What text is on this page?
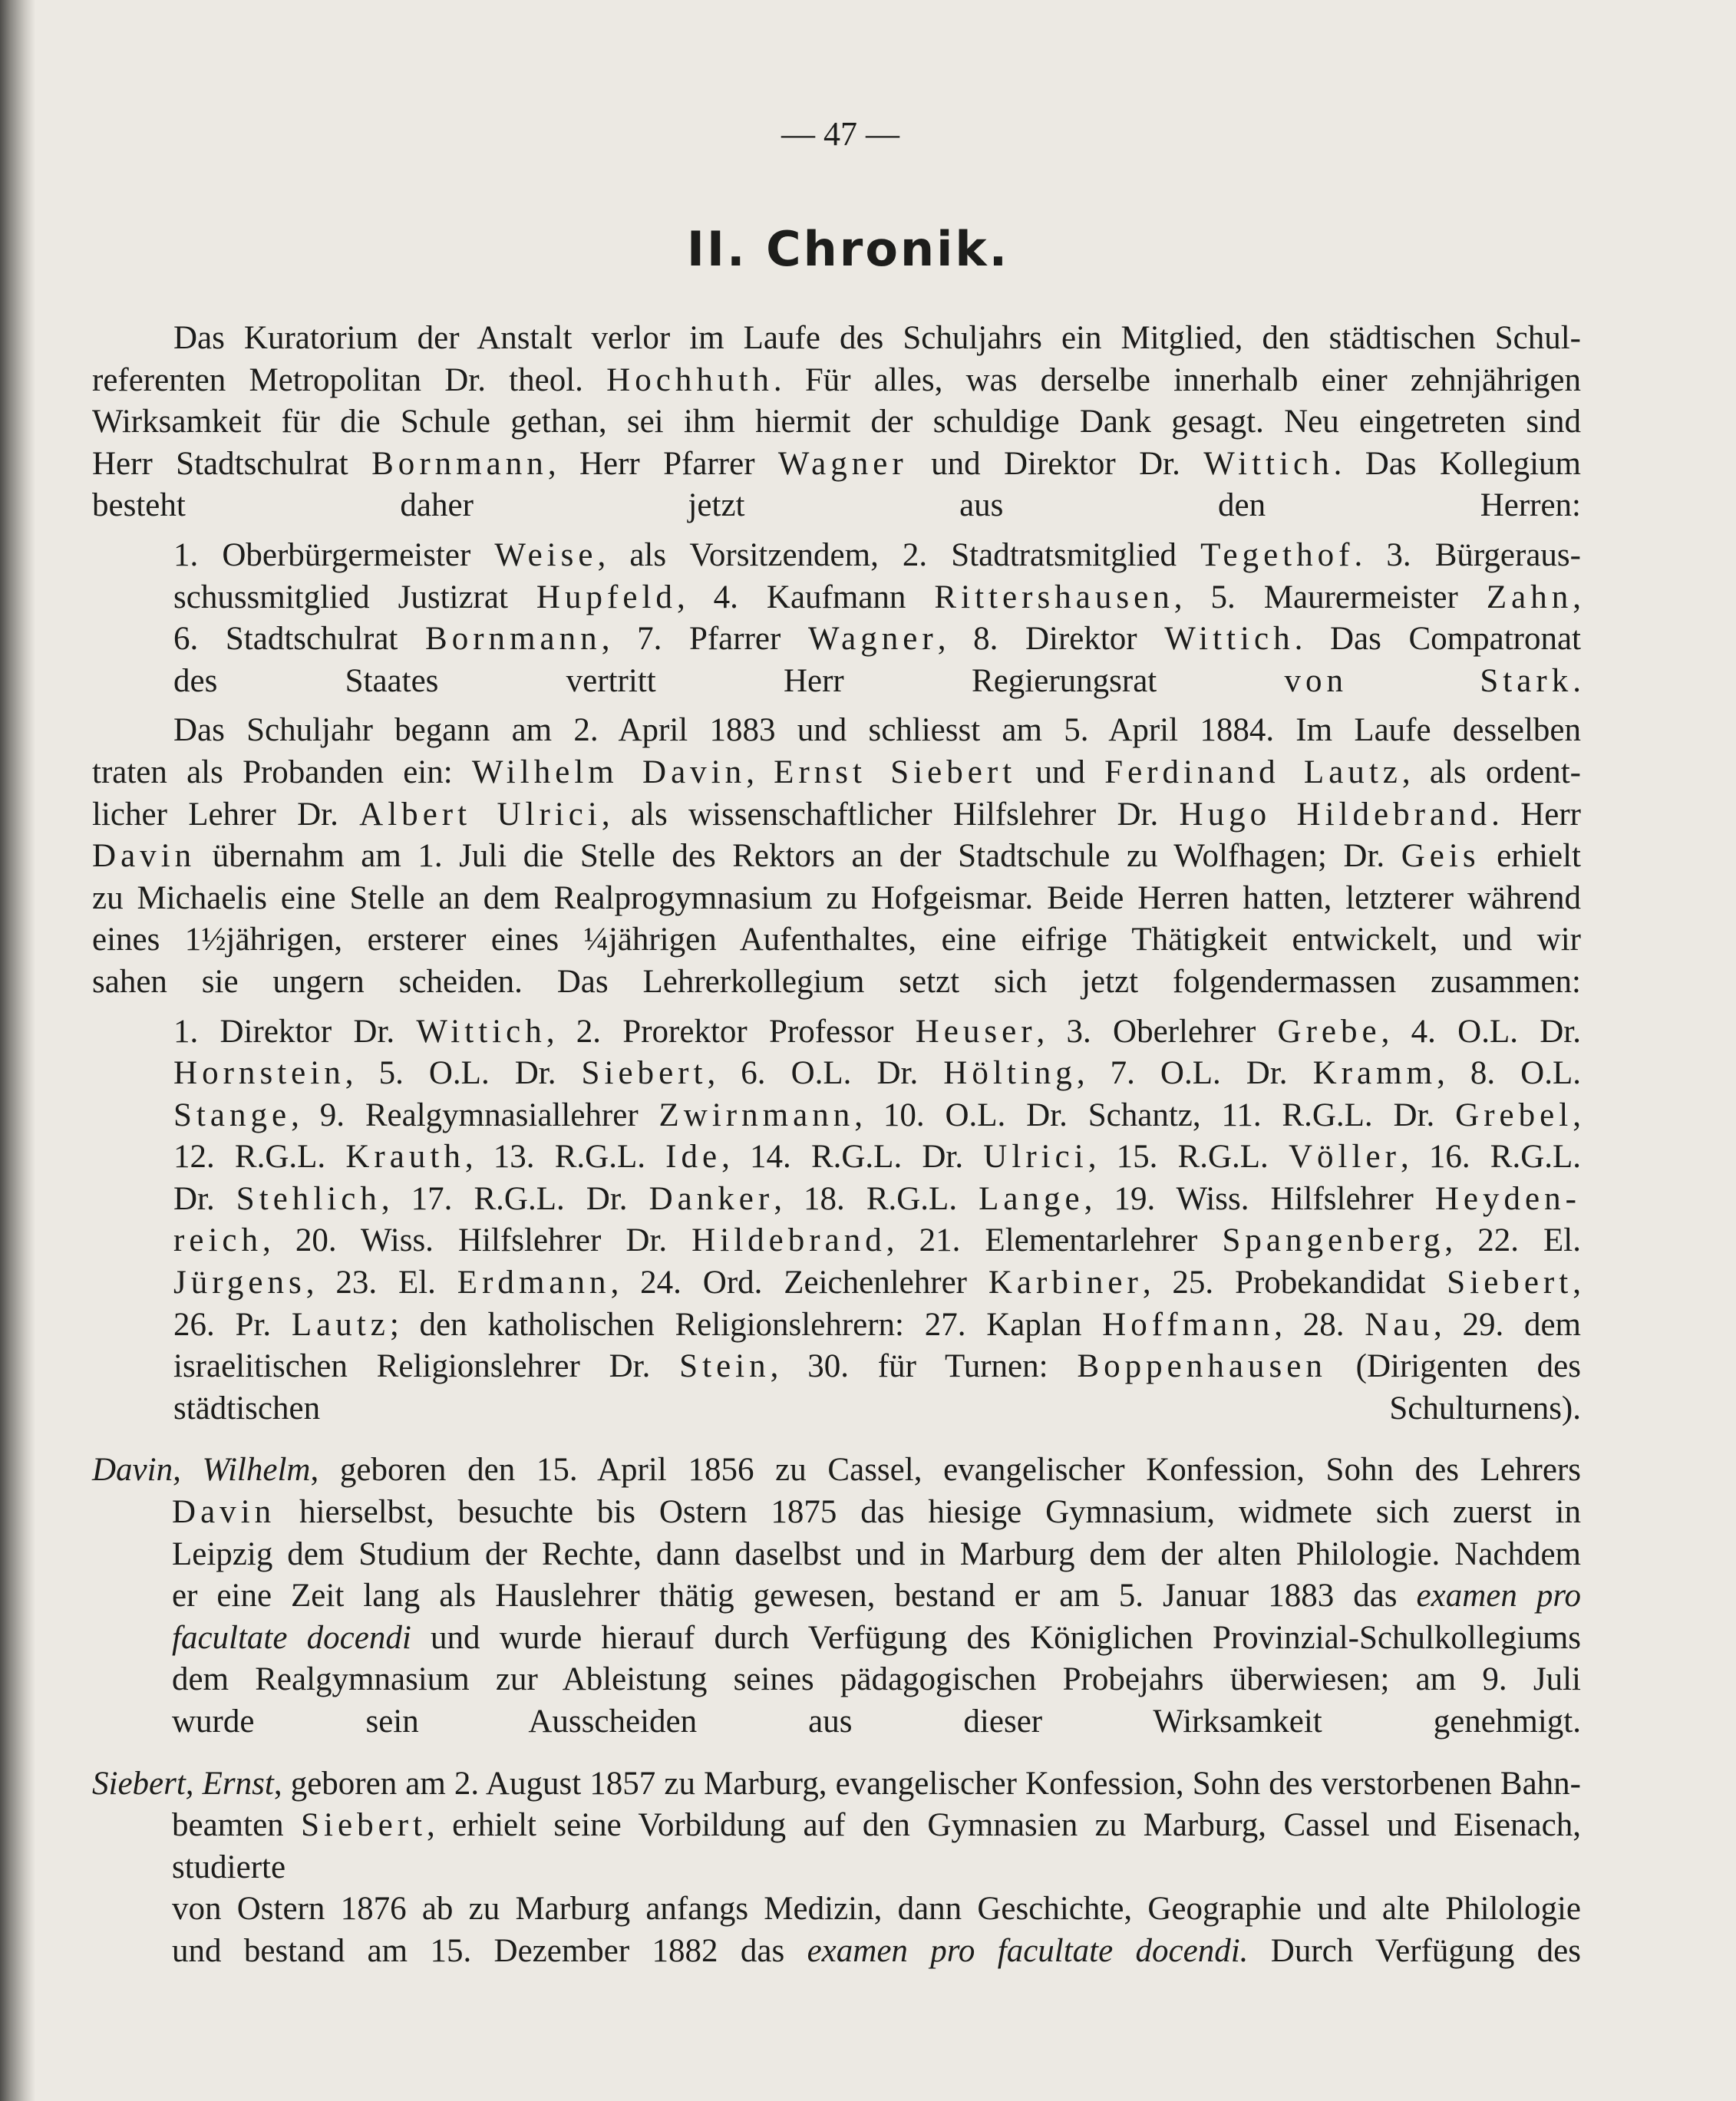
— 47 —
II. Chronik.
Das Kuratorium der Anstalt verlor im Laufe des Schuljahrs ein Mitglied, den städtischen Schul-
referenten Metropolitan Dr. theol. Hochhuth. Für alles, was derselbe innerhalb einer zehnjährigen
Wirksamkeit für die Schule gethan, sei ihm hiermit der schuldige Dank gesagt. Neu eingetreten sind
Herr Stadtschulrat Bornmann, Herr Pfarrer Wagner und Direktor Dr. Wittich. Das Kollegium
besteht daher jetzt aus den Herren:
1. Oberbürgermeister Weise, als Vorsitzendem, 2. Stadtratsmitglied Tegethof. 3. Bürgeraus-
schussmitglied Justizrat Hupfeld, 4. Kaufmann Rittershausen, 5. Maurermeister Zahn,
6. Stadtschulrat Bornmann, 7. Pfarrer Wagner, 8. Direktor Wittich. Das Compatronat
des Staates vertritt Herr Regierungsrat von Stark.
Das Schuljahr begann am 2. April 1883 und schliesst am 5. April 1884. Im Laufe desselben
traten als Probanden ein: Wilhelm Davin, Ernst Siebert und Ferdinand Lautz, als ordent-
licher Lehrer Dr. Albert Ulrici, als wissenschaftlicher Hilfslehrer Dr. Hugo Hildebrand. Herr
Davin übernahm am 1. Juli die Stelle des Rektors an der Stadtschule zu Wolfhagen; Dr. Geis erhielt
zu Michaelis eine Stelle an dem Realprogymnasium zu Hofgeismar. Beide Herren hatten, letzterer während
eines 1½jährigen, ersterer eines ¼jährigen Aufenthaltes, eine eifrige Thätigkeit entwickelt, und wir
sahen sie ungern scheiden. Das Lehrerkollegium setzt sich jetzt folgendermassen zusammen:
1. Direktor Dr. Wittich, 2. Prorektor Professor Heuser, 3. Oberlehrer Grebe, 4. O.L. Dr.
Hornstein, 5. O.L. Dr. Siebert, 6. O.L. Dr. Hölting, 7. O.L. Dr. Kramm, 8. O.L.
Stange, 9. Realgymnasiallehrer Zwirnmann, 10. O.L. Dr. Schantz, 11. R.G.L. Dr. Grebel,
12. R.G.L. Krauth, 13. R.G.L. Ide, 14. R.G.L. Dr. Ulrici, 15. R.G.L. Völler, 16. R.G.L.
Dr. Stehlich, 17. R.G.L. Dr. Danker, 18. R.G.L. Lange, 19. Wiss. Hilfslehrer Heyden-
reich, 20. Wiss. Hilfslehrer Dr. Hildebrand, 21. Elementarlehrer Spangenberg, 22. El.
Jürgens, 23. El. Erdmann, 24. Ord. Zeichenlehrer Karbiner, 25. Probekandidat Siebert,
26. Pr. Lautz; den katholischen Religionslehrern: 27. Kaplan Hoffmann, 28. Nau, 29. dem
israelitischen Religionslehrer Dr. Stein, 30. für Turnen: Boppenhausen (Dirigenten des
städtischen Schulturnens).
Davin, Wilhelm, geboren den 15. April 1856 zu Cassel, evangelischer Konfession, Sohn des Lehrers
Davin hierselbst, besuchte bis Ostern 1875 das hiesige Gymnasium, widmete sich zuerst in
Leipzig dem Studium der Rechte, dann daselbst und in Marburg dem der alten Philologie. Nachdem
er eine Zeit lang als Hauslehrer thätig gewesen, bestand er am 5. Januar 1883 das examen pro
facultate docendi und wurde hierauf durch Verfügung des Königlichen Provinzial-Schulkollegiums
dem Realgymnasium zur Ableistung seines pädagogischen Probejahrs überwiesen; am 9. Juli
wurde sein Ausscheiden aus dieser Wirksamkeit genehmigt.
Siebert, Ernst, geboren am 2. August 1857 zu Marburg, evangelischer Konfession, Sohn des verstorbenen Bahn-
beamten Siebert, erhielt seine Vorbildung auf den Gymnasien zu Marburg, Cassel und Eisenach, studierte
von Ostern 1876 ab zu Marburg anfangs Medizin, dann Geschichte, Geographie und alte Philologie
und bestand am 15. Dezember 1882 das examen pro facultate docendi. Durch Verfügung des
